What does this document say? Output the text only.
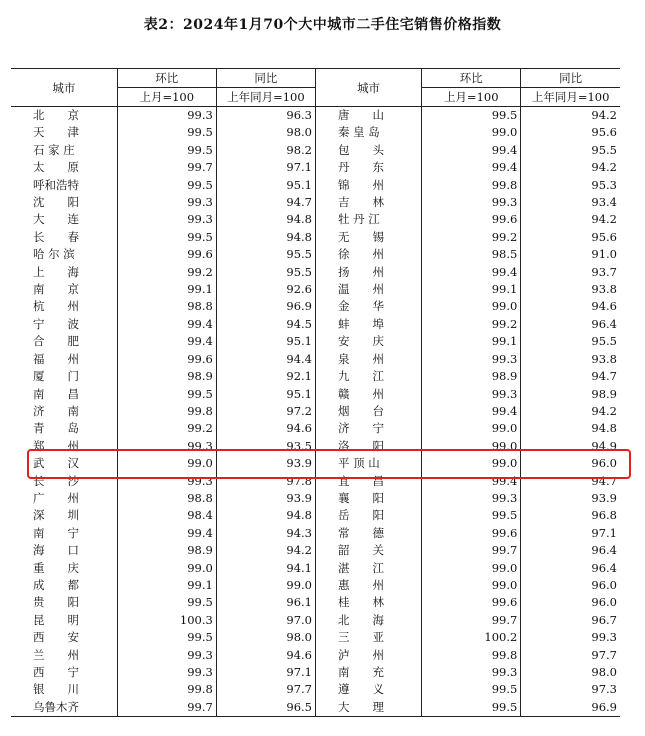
表2：2024年1月70个大中城市二手住宅销售价格指数
城市	环比	同比	城市	环比	同比
	上月=100	上年同月=100		上月=100	上年同月=100
北　　京	99.3	96.3	唐　　山	99.5	94.2
天　　津	99.5	98.0	秦 皇 岛	99.0	95.6
石 家 庄	99.5	98.2	包　　头	99.4	95.5
太　　原	99.7	97.1	丹　　东	99.4	94.2
呼和浩特	99.5	95.1	锦　　州	99.8	95.3
沈　　阳	99.3	94.7	吉　　林	99.3	93.4
大　　连	99.3	94.8	牡 丹 江	99.6	94.2
长　　春	99.5	94.8	无　　锡	99.2	95.6
哈 尔 滨	99.6	95.5	徐　　州	98.5	91.0
上　　海	99.2	95.5	扬　　州	99.4	93.7
南　　京	99.1	92.6	温　　州	99.1	93.8
杭　　州	98.8	96.9	金　　华	99.0	94.6
宁　　波	99.4	94.5	蚌　　埠	99.2	96.4
合　　肥	99.4	95.1	安　　庆	99.1	95.5
福　　州	99.6	94.4	泉　　州	99.3	93.8
厦　　门	98.9	92.1	九　　江	98.9	94.7
南　　昌	99.5	95.1	赣　　州	99.3	98.9
济　　南	99.8	97.2	烟　　台	99.4	94.2
青　　岛	99.2	94.6	济　　宁	99.0	94.8
郑　　州	99.3	93.5	洛　　阳	99.0	94.9
武　　汉	99.0	93.9	平 顶 山	99.0	96.0
长　　沙	99.3	97.8	宜　　昌	99.4	94.7
广　　州	98.8	93.9	襄　　阳	99.3	93.9
深　　圳	98.4	94.8	岳　　阳	99.5	96.8
南　　宁	99.4	94.3	常　　德	99.6	97.1
海　　口	98.9	94.2	韶　　关	99.7	96.4
重　　庆	99.0	94.1	湛　　江	99.0	96.4
成　　都	99.1	99.0	惠　　州	99.0	96.0
贵　　阳	99.5	96.1	桂　　林	99.6	96.0
昆　　明	100.3	97.0	北　　海	99.7	96.7
西　　安	99.5	98.0	三　　亚	100.2	99.3
兰　　州	99.3	94.6	泸　　州	99.8	97.7
西　　宁	99.3	97.1	南　　充	99.3	98.0
银　　川	99.8	97.7	遵　　义	99.5	97.3
乌鲁木齐	99.7	96.5	大　　理	99.5	96.9
